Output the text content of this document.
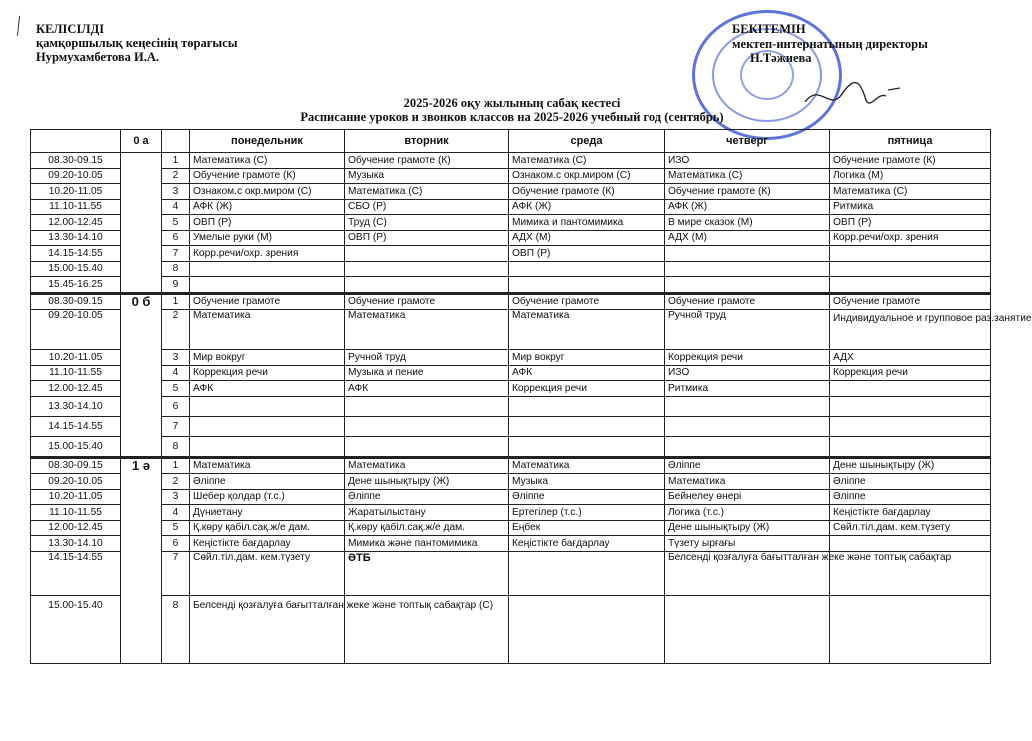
КЕЛІСІЛДІ
қамқоршылық кеңесінің төрағысы
Нурмухамбетова И.А.
БЕКІТЕМІН
мектеп-интернатының директоры
Н.Тәжиева
2025-2026 оқу жылының сабақ кестесі
Расписание уроков и звонков классов на 2025-2026 учебный год (сентябрь)
	0 а		понедельник	вторник	среда	четверг	пятница
08.30-09.15		1	Математика (С)	Обучение грамоте (К)	Математика (С)	ИЗО	Обучение грамоте (К)
09.20-10.05		2	Обучение грамоте (К)	Музыка	Ознаком.с окр.миром (С)	Математика (С)	Логика (М)
10.20-11.05		3	Ознаком.с окр.миром (С)	Математика (С)	Обучение грамоте (К)	Обучение грамоте (К)	Математика (С)
11.10-11.55		4	АФК (Ж)	СБО (Р)	АФК (Ж)	АФК (Ж)	Ритмика
12.00-12.45		5	ОВП (Р)	Труд (С)	Мимика и пантомимика	В мире сказок (М)	ОВП (Р)
13.30-14.10		6	Умелые руки (М)	ОВП (Р)	АДХ (М)	АДХ (М)	Корр.речи/охр. зрения
14.15-14.55		7	Корр.речи/охр. зрения		ОВП (Р)		
15.00-15.40		8					
15.45-16.25		9					
08.30-09.15	0 б	1	Обучение грамоте	Обучение грамоте	Обучение грамоте	Обучение грамоте	Обучение грамоте
09.20-10.05		2	Математика	Математика	Математика	Ручной труд	Индивидуальное и групповое раз.занятие
10.20-11.05		3	Мир вокруг	Ручной труд	Мир вокруг	Коррекция речи	АДХ
11.10-11.55		4	Коррекция речи	Музыка и пение	АФК	ИЗО	Коррекция речи
12.00-12.45		5	АФК	АФК	Коррекция речи	Ритмика	
13.30-14.10		6					
14.15-14.55		7					
15.00-15.40		8					
08.30-09.15	1 ә	1	Математика	Математика	Математика	Әліппе	Дене шынықтыру (Ж)
09.20-10.05		2	Әліппе	Дене шынықтыру (Ж)	Музыка	Математика	Әліппе
10.20-11.05		3	Шебер қолдар (т.с.)	Әліппе	Әліппе	Бейнелеу өнері	Әліппе
11.10-11.55		4	Дүниетану	Жаратылыстану	Ертегілер (т.с.)	Логика (т.с.)	Кеңістікте бағдарлау
12.00-12.45		5	Қ.көру қабіл.сақ.ж/е дам.	Қ.көру қабіл.сақ.ж/е дам.	Еңбек	Дене шынықтыру (Ж)	Сөйл.тіл.дам. кем.түзету
13.30-14.10		6	Кеңістікте бағдарлау	Мимика және пантомимика	Кеңістікте бағдарлау	Түзету ырғағы	
14.15-14.55		7	Сөйл.тіл.дам. кем.түзету	ӘТБ		Белсенді қозғалуға бағытталған жеке және топтық сабақтар	
15.00-15.40		8	Белсенді қозғалуға бағытталған жеке және топтық сабақтар (С)				
